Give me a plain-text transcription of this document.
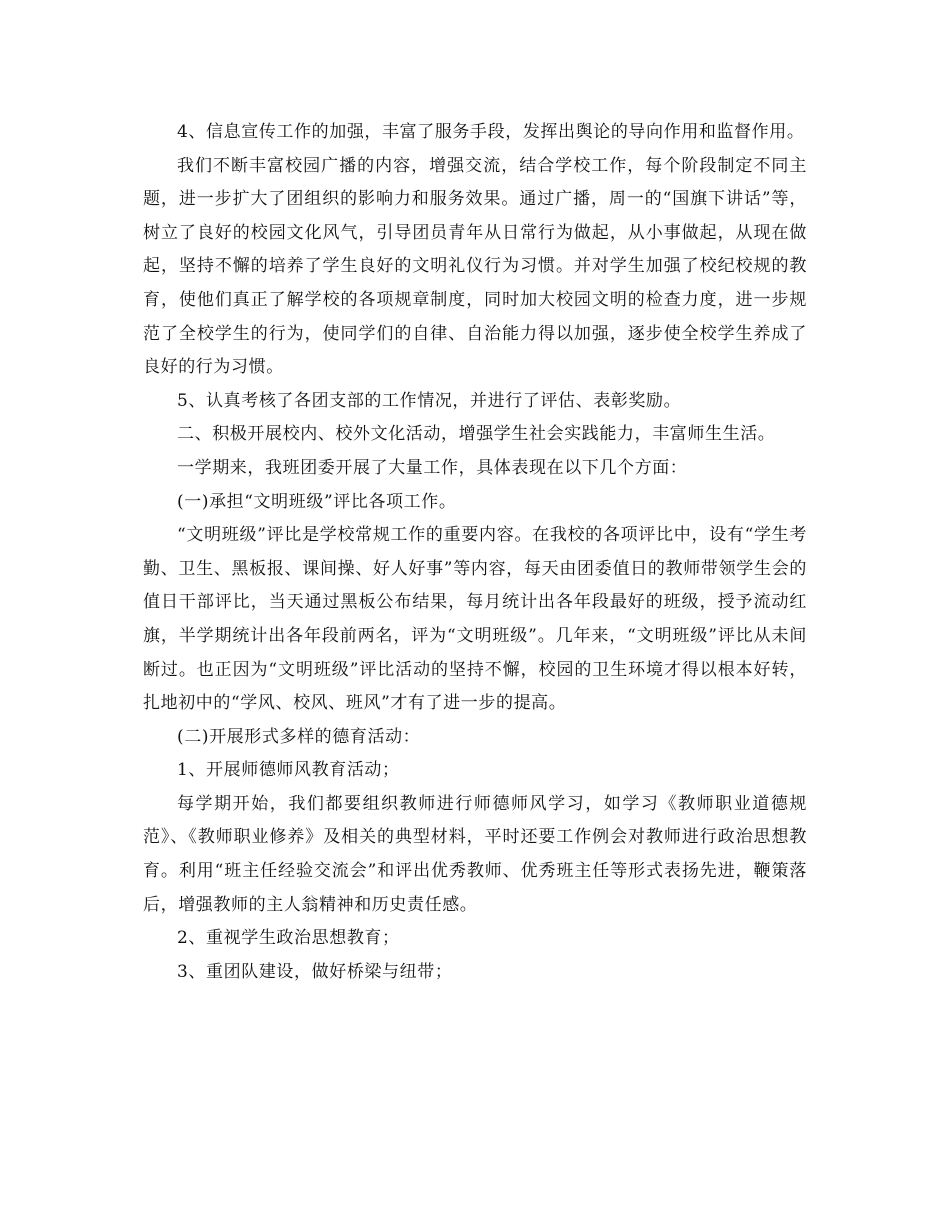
4、信息宣传工作的加强，丰富了服务手段，发挥出舆论的导向作用和监督作用。

我们不断丰富校园广播的内容，增强交流，结合学校工作，每个阶段制定不同主题，进一步扩大了团组织的影响力和服务效果。通过广播，周一的“国旗下讲话”等，树立了良好的校园文化风气，引导团员青年从日常行为做起，从小事做起，从现在做起，坚持不懈的培养了学生良好的文明礼仪行为习惯。并对学生加强了校纪校规的教育，使他们真正了解学校的各项规章制度，同时加大校园文明的检查力度，进一步规范了全校学生的行为，使同学们的自律、自治能力得以加强，逐步使全校学生养成了良好的行为习惯。

5、认真考核了各团支部的工作情况，并进行了评估、表彰奖励。

二、积极开展校内、校外文化活动，增强学生社会实践能力，丰富师生生活。

一学期来，我班团委开展了大量工作，具体表现在以下几个方面：

(一)承担“文明班级”评比各项工作。

“文明班级”评比是学校常规工作的重要内容。在我校的各项评比中，设有“学生考勤、卫生、黑板报、课间操、好人好事”等内容，每天由团委值日的教师带领学生会的值日干部评比，当天通过黑板公布结果，每月统计出各年段最好的班级，授予流动红旗，半学期统计出各年段前两名，评为“文明班级”。几年来，“文明班级”评比从未间断过。也正因为“文明班级”评比活动的坚持不懈，校园的卫生环境才得以根本好转，扎地初中的“学风、校风、班风”才有了进一步的提高。

(二)开展形式多样的德育活动：

1、开展师德师风教育活动；

每学期开始，我们都要组织教师进行师德师风学习，如学习《教师职业道德规范》、《教师职业修养》及相关的典型材料，平时还要工作例会对教师进行政治思想教育。利用“班主任经验交流会”和评出优秀教师、优秀班主任等形式表扬先进，鞭策落后，增强教师的主人翁精神和历史责任感。

2、重视学生政治思想教育；

3、重团队建设，做好桥梁与纽带；
